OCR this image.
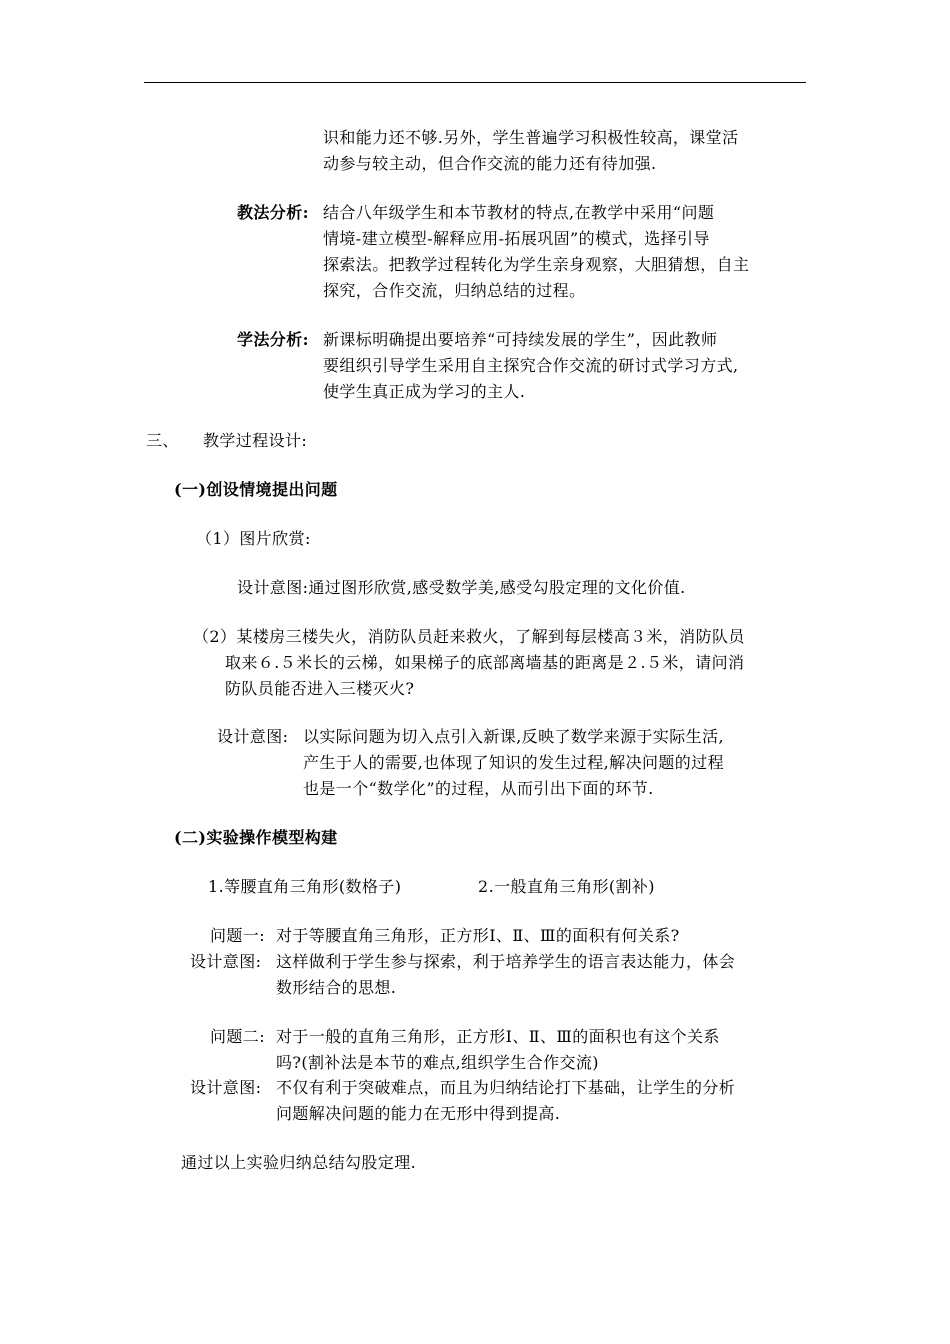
识和能力还不够.另外，学生普遍学习积极性较高，课堂活
动参与较主动，但合作交流的能力还有待加强.
教法分析: 结合八年级学生和本节教材的特点,在教学中采用“问题
情境-建立模型-解释应用-拓展巩固”的模式，选择引导
探索法。把教学过程转化为学生亲身观察，大胆猜想，自主
探究，合作交流，归纳总结的过程。
学法分析: 新课标明确提出要培养“可持续发展的学生”，因此教师
要组织引导学生采用自主探究合作交流的研讨式学习方式,
使学生真正成为学习的主人.
三、 教学过程设计:
(一)创设情境提出问题
（1）图片欣赏:
设计意图:通过图形欣赏,感受数学美,感受勾股定理的文化价值.
（2）某楼房三楼失火，消防队员赶来救火，了解到每层楼高３米，消防队员
取来６.５米长的云梯，如果梯子的底部离墙基的距离是２.５米，请问消
防队员能否进入三楼灭火?
设计意图: 以实际问题为切入点引入新课,反映了数学来源于实际生活,
产生于人的需要,也体现了知识的发生过程,解决问题的过程
也是一个“数学化”的过程，从而引出下面的环节.
(二)实验操作模型构建
1.等腰直角三角形(数格子)	2.一般直角三角形(割补)
问题一: 对于等腰直角三角形，正方形Ⅰ、Ⅱ、Ⅲ的面积有何关系?
设计意图: 这样做利于学生参与探索，利于培养学生的语言表达能力，体会
数形结合的思想.
问题二: 对于一般的直角三角形，正方形Ⅰ、Ⅱ、Ⅲ的面积也有这个关系
吗?(割补法是本节的难点,组织学生合作交流)
设计意图: 不仅有利于突破难点，而且为归纳结论打下基础，让学生的分析
问题解决问题的能力在无形中得到提高.
通过以上实验归纳总结勾股定理.
